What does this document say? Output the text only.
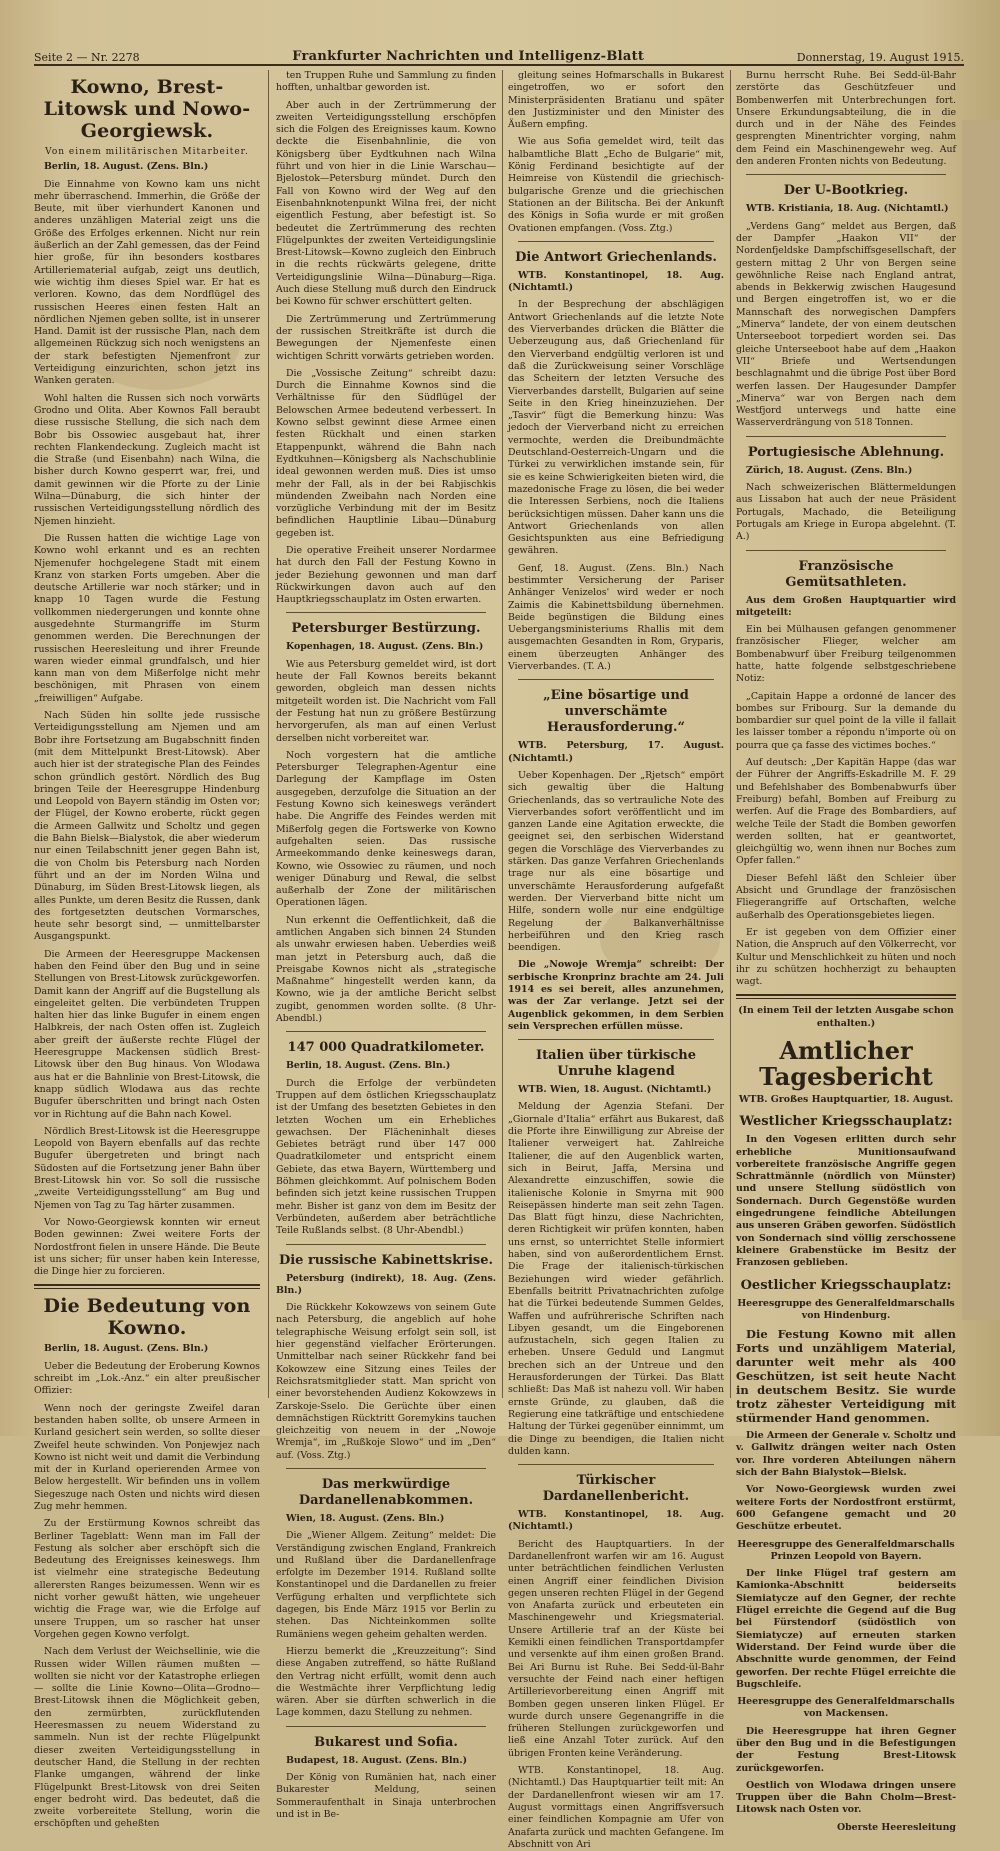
Seite 2 — Nr. 2278	Frankfurter Nachrichten und Intelligenz-Blatt	Donnerstag, 19. August 1915.
Kowno, Brest-Litowsk und Nowo-Georgiewsk.
Von einem militärischen Mitarbeiter.

Berlin, 18. August. (Zens. Bln.)

Die Einnahme von Kowno kam uns nicht mehr überraschend. Immerhin, die Größe der Beute, mit über vierhundert Kanonen und anderes unzähligen Material zeigt uns die Größe des Erfolges erkennen. Nicht nur rein äußerlich an der Zahl gemessen, das der Feind hier große, für ihn besonders kostbares Artilleriematerial aufgab, zeigt uns deutlich, wie wichtig ihm dieses Spiel war. Er hat es verloren. Kowno, das dem Nordflügel des russischen Heeres einen festen Halt an nördlichen Njemen geben sollte, ist in unserer Hand. Damit ist der russische Plan, nach dem allgemeinen Rückzug sich noch wenigstens an der stark befestigten Njemenfront zur Verteidigung einzurichten, schon jetzt ins Wanken geraten.

Wohl halten die Russen sich noch vorwärts Grodno und Olita. Aber Kownos Fall beraubt diese russische Stellung, die sich nach dem Bobr bis Ossowiec ausgebaut hat, ihrer rechten Flankendeckung. Zugleich macht ist die Straße (und Eisenbahn) nach Wilna, die bisher durch Kowno gesperrt war, frei, und damit gewinnen wir die Pforte zu der Linie Wilna—Dünaburg, die sich hinter der russischen Verteidigungsstellung nördlich des Njemen hinzieht.

Die Russen hatten die wichtige Lage von Kowno wohl erkannt und es an rechten Njemenufer hochgelegene Stadt mit einem Kranz von starken Forts umgeben. Aber die deutsche Artillerie war noch stärker; und in knapp 10 Tagen wurde die Festung vollkommen niedergerungen und konnte ohne ausgedehnte Sturmangriffe im Sturm genommen werden. Die Berechnungen der russischen Heeresleitung und ihrer Freunde waren wieder einmal grundfalsch, und hier kann man von dem Mißerfolge nicht mehr beschönigen, mit Phrasen von einem „freiwilligen“ Aufgabe.

Nach Süden hin sollte jede russische Verteidigungsstellung am Njemen und am Bobr ihre Fortsetzung am Bugabschnitt finden (mit dem Mittelpunkt Brest-Litowsk). Aber auch hier ist der strategische Plan des Feindes schon gründlich gestört. Nördlich des Bug bringen Teile der Heeresgruppe Hindenburg und Leopold von Bayern ständig im Osten vor; der Flügel, der Kowno eroberte, rückt gegen die Armeen Gallwitz und Scholtz und gegen die Bahn Bielsk—Bialystok, die aber wiederum nur einen Teilabschnitt jener gegen Bahn ist, die von Cholm bis Petersburg nach Norden führt und an der im Norden Wilna und Dünaburg, im Süden Brest-Litowsk liegen, als alles Punkte, um deren Besitz die Russen, dank des fortgesetzten deutschen Vormarsches, heute sehr besorgt sind, — unmittelbarster Ausgangspunkt.

Die Armeen der Heeresgruppe Mackensen haben den Feind über den Bug und in seine Stellungen von Brest-Litowsk zurückgeworfen. Damit kann der Angriff auf die Bugstellung als eingeleitet gelten. Die verbündeten Truppen halten hier das linke Bugufer in einem engen Halbkreis, der nach Osten offen ist. Zugleich aber greift der äußerste rechte Flügel der Heeresgruppe Mackensen südlich Brest-Litowsk über den Bug hinaus. Von Wlodawa aus hat er die Bahnlinie von Brest-Litowsk, die knapp südlich Wlodawa aus das rechte Bugufer überschritten und bringt nach Osten vor in Richtung auf die Bahn nach Kowel.

Nördlich Brest-Litowsk ist die Heeresgruppe Leopold von Bayern ebenfalls auf das rechte Bugufer übergetreten und bringt nach Südosten auf die Fortsetzung jener Bahn über Brest-Litowsk hin vor. So soll die russische „zweite Verteidigungsstellung“ am Bug und Njemen von Tag zu Tag härter zusammen.

Vor Nowo-Georgiewsk konnten wir erneut Boden gewinnen: Zwei weitere Forts der Nordostfront fielen in unsere Hände. Die Beute ist uns sicher; für unser haben kein Interesse, die Dinge hier zu forcieren.

Die Bedeutung von Kowno.

Berlin, 18. August. (Zens. Bln.)

Ueber die Bedeutung der Eroberung Kownos schreibt im „Lok.-Anz.“ ein alter preußischer Offizier:

Wenn noch der geringste Zweifel daran bestanden haben sollte, ob unsere Armeen in Kurland gesichert sein werden, so sollte dieser Zweifel heute schwinden. Von Ponjewjez nach Kowno ist nicht weit und damit die Verbindung mit der in Kurland operierenden Armee von Below hergestellt. Wir befinden uns in vollem Siegeszuge nach Osten und nichts wird diesen Zug mehr hemmen.

Zu der Erstürmung Kownos schreibt das Berliner Tageblatt: Wenn man im Fall der Festung als solcher aber erschöpft sich die Bedeutung des Ereignisses keineswegs. Ihm ist vielmehr eine strategische Bedeutung allerersten Ranges beizumessen. Wenn wir es nicht vorher gewußt hätten, wie ungeheuer wichtig die Frage war, wie die Erfolge auf unsere Truppen, um so rascher hat unser Vorgehen gegen Kowno verfolgt.

Nach dem Verlust der Weichsellinie, wie die Russen wider Willen räumen mußten — wollten sie nicht vor der Katastrophe erliegen — sollte die Linie Kowno—Olita—Grodno—Brest-Litowsk ihnen die Möglichkeit geben, den zermürbten, zurückflutenden Heeresmassen zu neuem Widerstand zu sammeln. Nun ist der rechte Flügelpunkt dieser zweiten Verteidigungsstellung in deutscher Hand, die Stellung in der rechten Flanke umgangen, während der linke Flügelpunkt Brest-Litowsk von drei Seiten enger bedroht wird. Das bedeutet, daß die zweite vorbereitete Stellung, worin die erschöpften und geheßten

ten Truppen Ruhe und Sammlung zu finden hofften, unhaltbar geworden ist.

Aber auch in der Zertrümmerung der zweiten Verteidigungsstellung erschöpfen sich die Folgen des Ereignisses kaum. Kowno deckte die Eisenbahnlinie, die von Königsberg über Eydtkuhnen nach Wilna führt und von hier in die Linie Warschau—Bjelostok—Petersburg mündet. Durch den Fall von Kowno wird der Weg auf den Eisenbahnknotenpunkt Wilna frei, der nicht eigentlich Festung, aber befestigt ist. So bedeutet die Zertrümmerung des rechten Flügelpunktes der zweiten Verteidigungslinie Brest-Litowsk—Kowno zugleich den Einbruch in die rechts rückwärts gelegene, dritte Verteidigungslinie Wilna—Dünaburg—Riga. Auch diese Stellung muß durch den Eindruck bei Kowno für schwer erschüttert gelten.

Die Zertrümmerung und Zertrümmerung der russischen Streitkräfte ist durch die Bewegungen der Njemenfeste einen wichtigen Schritt vorwärts getrieben worden.

Die „Vossische Zeitung“ schreibt dazu: Durch die Einnahme Kownos sind die Verhältnisse für den Südflügel der Belowschen Armee bedeutend verbessert. In Kowno selbst gewinnt diese Armee einen festen Rückhalt und einen starken Etappenpunkt, während die Bahn nach Eydtkuhnen—Königsberg als Nachschublinie ideal gewonnen werden muß. Dies ist umso mehr der Fall, als in der bei Rabjischkis mündenden Zweibahn nach Norden eine vorzügliche Verbindung mit der im Besitz befindlichen Hauptlinie Libau—Dünaburg gegeben ist.

Die operative Freiheit unserer Nordarmee hat durch den Fall der Festung Kowno in jeder Beziehung gewonnen und man darf Rückwirkungen davon auch auf den Hauptkriegsschauplatz im Osten erwarten.

Petersburger Bestürzung.

Kopenhagen, 18. August. (Zens. Bln.)

Wie aus Petersburg gemeldet wird, ist dort heute der Fall Kownos bereits bekannt geworden, obgleich man dessen nichts mitgeteilt worden ist. Die Nachricht vom Fall der Festung hat nun zu größere Bestürzung hervorgerufen, als man auf einen Verlust derselben nicht vorbereitet war.

Noch vorgestern hat die amtliche Petersburger Telegraphen-Agentur eine Darlegung der Kampflage im Osten ausgegeben, derzufolge die Situation an der Festung Kowno sich keineswegs verändert habe. Die Angriffe des Feindes werden mit Mißerfolg gegen die Fortswerke von Kowno aufgehalten seien. Das russische Armeekommando denke keineswegs daran, Kowno, wie Ossowiec zu räumen, und noch weniger Dünaburg und Rewal, die selbst außerhalb der Zone der militärischen Operationen lägen.

Nun erkennt die Oeffentlichkeit, daß die amtlichen Angaben sich binnen 24 Stunden als unwahr erwiesen haben. Ueberdies weiß man jetzt in Petersburg auch, daß die Preisgabe Kownos nicht als „strategische Maßnahme“ hingestellt werden kann, da Kowno, wie ja der amtliche Bericht selbst zugibt, genommen worden sollte. (8 Uhr-Abendbl.)

147 000 Quadratkilometer.

Berlin, 18. August. (Zens. Bln.)

Durch die Erfolge der verbündeten Truppen auf dem östlichen Kriegsschauplatz ist der Umfang des besetzten Gebietes in den letzten Wochen um ein Erhebliches gewachsen. Der Flächeninhalt dieses Gebietes beträgt rund über 147 000 Quadratkilometer und entspricht einem Gebiete, das etwa Bayern, Württemberg und Böhmen gleichkommt. Auf polnischem Boden befinden sich jetzt keine russischen Truppen mehr. Bisher ist ganz von dem im Besitz der Verbündeten, außerdem aber beträchtliche Teile Rußlands selbst. (8 Uhr-Abendbl.)

Die russische Kabinettskrise.

Petersburg (indirekt), 18. Aug. (Zens. Bln.)

Die Rückkehr Kokowzews von seinem Gute nach Petersburg, die angeblich auf hohe telegraphische Weisung erfolgt sein soll, ist hier gegenständ vielfacher Erörterungen. Unmittelbar nach seiner Rückkehr fand bei Kokowzew eine Sitzung eines Teiles der Reichsratsmitglieder statt. Man spricht von einer bevorstehenden Audienz Kokowzews in Zarskoje-Sselo. Die Gerüchte über einen demnächstigen Rücktritt Goremykins tauchen gleichzeitig von neuem in der „Nowoje Wremja“, im „Rußkoje Slowo“ und im „Den“ auf. (Voss. Ztg.)

Das merkwürdige Dardanellenabkommen.

Wien, 18. August. (Zens. Bln.)

Die „Wiener Allgem. Zeitung“ meldet: Die Verständigung zwischen England, Frankreich und Rußland über die Dardanellenfrage erfolgte im Dezember 1914. Rußland sollte Konstantinopel und die Dardanellen zu freier Verfügung erhalten und verpflichtete sich dagegen, bis Ende März 1915 vor Berlin zu stehen. Das Nichteinkommen sollte Rumäniens wegen geheim gehalten werden.

Hierzu bemerkt die „Kreuzzeitung“: Sind diese Angaben zutreffend, so hätte Rußland den Vertrag nicht erfüllt, womit denn auch die Westmächte ihrer Verpflichtung ledig wären. Aber sie dürften schwerlich in die Lage kommen, dazu Stellung zu nehmen.

Bukarest und Sofia.

Budapest, 18. August. (Zens. Bln.)

Der König von Rumänien hat, nach einer Bukarester Meldung, seinen Sommeraufenthalt in Sinaja unterbrochen und ist in Be-

gleitung seines Hofmarschalls in Bukarest eingetroffen, wo er sofort den Ministerpräsidenten Bratianu und später den Justizminister und den Minister des Äußern empfing.

Wie aus Sofia gemeldet wird, teilt das halbamtliche Blatt „Echo de Bulgarie“ mit, König Ferdinand besichtigte auf der Heimreise von Küstendil die griechisch-bulgarische Grenze und die griechischen Stationen an der Bilitscha. Bei der Ankunft des Königs in Sofia wurde er mit großen Ovationen empfangen. (Voss. Ztg.)

Die Antwort Griechenlands.

WTB. Konstantinopel, 18. Aug. (Nichtamtl.)

In der Besprechung der abschlägigen Antwort Griechenlands auf die letzte Note des Vierverbandes drücken die Blätter die Ueberzeugung aus, daß Griechenland für den Vierverband endgültig verloren ist und daß die Zurückweisung seiner Vorschläge das Scheitern der letzten Versuche des Vierverbandes darstellt, Bulgarien auf seine Seite in den Krieg hineinzuziehen. Der „Tasvir“ fügt die Bemerkung hinzu: Was jedoch der Vierverband nicht zu erreichen vermochte, werden die Dreibundmächte Deutschland-Oesterreich-Ungarn und die Türkei zu verwirklichen imstande sein, für sie es keine Schwierigkeiten bieten wird, die mazedonische Frage zu lösen, die bei weder die Interessen Serbiens, noch die Italiens berücksichtigen müssen. Daher kann uns die Antwort Griechenlands von allen Gesichtspunkten aus eine Befriedigung gewähren.

Genf, 18. August. (Zens. Bln.) Nach bestimmter Versicherung der Pariser Anhänger Venizelos' wird weder er noch Zaimis die Kabinettsbildung übernehmen. Beide begünstigen die Bildung eines Uebergangsministeriums Rhallis mit dem ausgemachten Gesandten in Rom, Gryparis, einem überzeugten Anhänger des Vierverbandes. (T. A.)

„Eine bösartige und unverschämte Herausforderung.“

WTB. Petersburg, 17. August. (Nichtamtl.)

Ueber Kopenhagen. Der „Rjetsch“ empört sich gewaltig über die Haltung Griechenlands, das so vertrauliche Note des Vierverbandes sofort veröffentlicht und im ganzen Lande eine Agitation erweckte, die geeignet sei, den serbischen Widerstand gegen die Vorschläge des Vierverbandes zu stärken. Das ganze Verfahren Griechenlands trage nur als eine bösartige und unverschämte Herausforderung aufgefaßt werden. Der Vierverband bitte nicht um Hilfe, sondern wolle nur eine endgültige Regelung der Balkanverhältnisse herbeiführen und den Krieg rasch beendigen.

Die „Nowoje Wremja“ schreibt: Der serbische Kronprinz brachte am 24. Juli 1914 es sei bereit, alles anzunehmen, was der Zar verlange. Jetzt sei der Augenblick gekommen, in dem Serbien sein Versprechen erfüllen müsse.

Italien über türkische Unruhe klagend

WTB. Wien, 18. August. (Nichtamtl.)

Meldung der Agenzia Stefani. Der „Giornale d'Italia“ erfährt aus Bukarest, daß die Pforte ihre Einwilligung zur Abreise der Italiener verweigert hat. Zahlreiche Italiener, die auf den Augenblick warten, sich in Beirut, Jaffa, Mersina und Alexandrette einzuschiffen, sowie die italienische Kolonie in Smyrna mit 900 Reisepässen hinderte man seit zehn Tagen. Das Blatt fügt hinzu, diese Nachrichten, deren Richtigkeit wir prüfen konnten, haben uns ernst, so unterrichtet Stelle informiert haben, sind von außerordentlichem Ernst. Die Frage der italienisch-türkischen Beziehungen wird wieder gefährlich. Ebenfalls beitritt Privatnachrichten zufolge hat die Türkei bedeutende Summen Geldes, Waffen und aufrührerische Schriften nach Libyen gesandt, um die Eingeborenen aufzustacheln, sich gegen Italien zu erheben. Unsere Geduld und Langmut brechen sich an der Untreue und den Herausforderungen der Türkei. Das Blatt schließt: Das Maß ist nahezu voll. Wir haben ernste Gründe, zu glauben, daß die Regierung eine tatkräftige und entschiedene Haltung der Türkei gegenüber einnimmt, um die Dinge zu beendigen, die Italien nicht dulden kann.

Türkischer Dardanellenbericht.

WTB. Konstantinopel, 18. Aug. (Nichtamtl.)

Bericht des Hauptquartiers. In der Dardanellenfront warfen wir am 16. August unter beträchtlichen feindlichen Verlusten einen Angriff einer feindlichen Division gegen unseren rechten Flügel in der Gegend von Anafarta zurück und erbeuteten ein Maschinengewehr und Kriegsmaterial. Unsere Artillerie traf an der Küste bei Kemikli einen feindlichen Transportdampfer und versenkte auf ihm einen großen Brand. Bei Ari Burnu ist Ruhe. Bei Sedd-ül-Bahr versuchte der Feind nach einer heftigen Artillerievorbereitung einen Angriff mit Bomben gegen unseren linken Flügel. Er wurde durch unsere Gegenangriffe in die früheren Stellungen zurückgeworfen und ließ eine Anzahl Toter zurück. Auf den übrigen Fronten keine Veränderung.

WTB. Konstantinopel, 18. Aug. (Nichtamtl.) Das Hauptquartier teilt mit: An der Dardanellenfront wiesen wir am 17. August vormittags einen Angriffsversuch einer feindlichen Kompagnie am Ufer von Anafarta zurück und machten Gefangene. Im Abschnitt von Ari

Burnu herrscht Ruhe. Bei Sedd-ül-Bahr zerstörte das Geschützfeuer und Bombenwerfen mit Unterbrechungen fort. Unsere Erkundungsabteilung, die in die durch und in der Nähe des Feindes gesprengten Minentrichter vorging, nahm dem Feind ein Maschinengewehr weg. Auf den anderen Fronten nichts von Bedeutung.

Der U-Bootkrieg.

WTB. Kristiania, 18. Aug. (Nichtamtl.)

„Verdens Gang“ meldet aus Bergen, daß der Dampfer „Haakon VII“ der Nordenfjeldske Dampfschiffsgesellschaft, der gestern mittag 2 Uhr von Bergen seine gewöhnliche Reise nach England antrat, abends in Bekkerwig zwischen Haugesund und Bergen eingetroffen ist, wo er die Mannschaft des norwegischen Dampfers „Minerva“ landete, der von einem deutschen Unterseeboot torpediert worden sei. Das gleiche Unterseeboot habe auf dem „Haakon VII“ Briefe und Wertsendungen beschlagnahmt und die übrige Post über Bord werfen lassen. Der Haugesunder Dampfer „Minerva“ war von Bergen nach dem Westfjord unterwegs und hatte eine Wasserverdrängung von 518 Tonnen.

Portugiesische Ablehnung.

Zürich, 18. August. (Zens. Bln.)

Nach schweizerischen Blättermeldungen aus Lissabon hat auch der neue Präsident Portugals, Machado, die Beteiligung Portugals am Kriege in Europa abgelehnt. (T. A.)

Französische Gemütsathleten.

Aus dem Großen Hauptquartier wird mitgeteilt:

Ein bei Mülhausen gefangen genommener französischer Flieger, welcher am Bombenabwurf über Freiburg teilgenommen hatte, hatte folgende selbstgeschriebene Notiz:

„Capitain Happe a ordonné de lancer des bombes sur Fribourg. Sur la demande du bombardier sur quel point de la ville il fallait les laisser tomber a répondu n'importe où on pourra que ça fasse des victimes boches.“

Auf deutsch: „Der Kapitän Happe (das war der Führer der Angriffs-Eskadrille M. F. 29 und Befehlshaber des Bombenabwurfs über Freiburg) befahl, Bomben auf Freiburg zu werfen. Auf die Frage des Bombardiers, auf welche Teile der Stadt die Bomben geworfen werden sollten, hat er geantwortet, gleichgültig wo, wenn ihnen nur Boches zum Opfer fallen.“

Dieser Befehl läßt den Schleier über Absicht und Grundlage der französischen Fliegerangriffe auf Ortschaften, welche außerhalb des Operationsgebietes liegen.

Er ist gegeben von dem Offizier einer Nation, die Anspruch auf den Völkerrecht, vor Kultur und Menschlichkeit zu hüten und noch ihr zu schützen hochherzigt zu behaupten wagt.

(In einem Teil der letzten Ausgabe schon enthalten.)

Amtlicher Tagesbericht

WTB. Großes Hauptquartier, 18. August.

Westlicher Kriegsschauplatz:

In den Vogesen erlitten durch sehr erhebliche Munitionsaufwand vorbereitete französische Angriffe gegen Schrattmännle (nördlich von Münster) und unsere Stellung südöstlich von Sondernach. Durch Gegenstöße wurden eingedrungene feindliche Abteilungen aus unseren Gräben geworfen. Südöstlich von Sondernach sind völlig zerschossene kleinere Grabenstücke im Besitz der Franzosen geblieben.

Oestlicher Kriegsschauplatz:

Heeresgruppe des Generalfeldmarschalls von Hindenburg.

Die Festung Kowno mit allen Forts und unzähligem Material, darunter weit mehr als 400 Geschützen, ist seit heute Nacht in deutschem Besitz. Sie wurde trotz zähester Verteidigung mit stürmender Hand genommen.

Die Armeen der Generale v. Scholtz und v. Gallwitz drängen weiter nach Osten vor. Ihre vorderen Abteilungen nähern sich der Bahn Bialystok—Bielsk.

Vor Nowo-Georgiewsk wurden zwei weitere Forts der Nordostfront erstürmt, 600 Gefangene gemacht und 20 Geschütze erbeutet.

Heeresgruppe des Generalfeldmarschalls Prinzen Leopold von Bayern.

Der linke Flügel traf gestern am Kamionka-Abschnitt beiderseits Siemiatycze auf den Gegner, der rechte Flügel erreichte die Gegend auf die Bug bei Fürstendorf (südöstlich von Siemiatycze) auf erneuten starken Widerstand. Der Feind wurde über die Abschnitte wurde genommen, der Feind geworfen. Der rechte Flügel erreichte die Bugschleife.

Heeresgruppe des Generalfeldmarschalls von Mackensen.

Die Heeresgruppe hat ihren Gegner über den Bug und in die Befestigungen der Festung Brest-Litowsk zurückgeworfen.

Oestlich von Wlodawa dringen unsere Truppen über die Bahn Cholm—Brest-Litowsk nach Osten vor.

Oberste Heeresleitung
